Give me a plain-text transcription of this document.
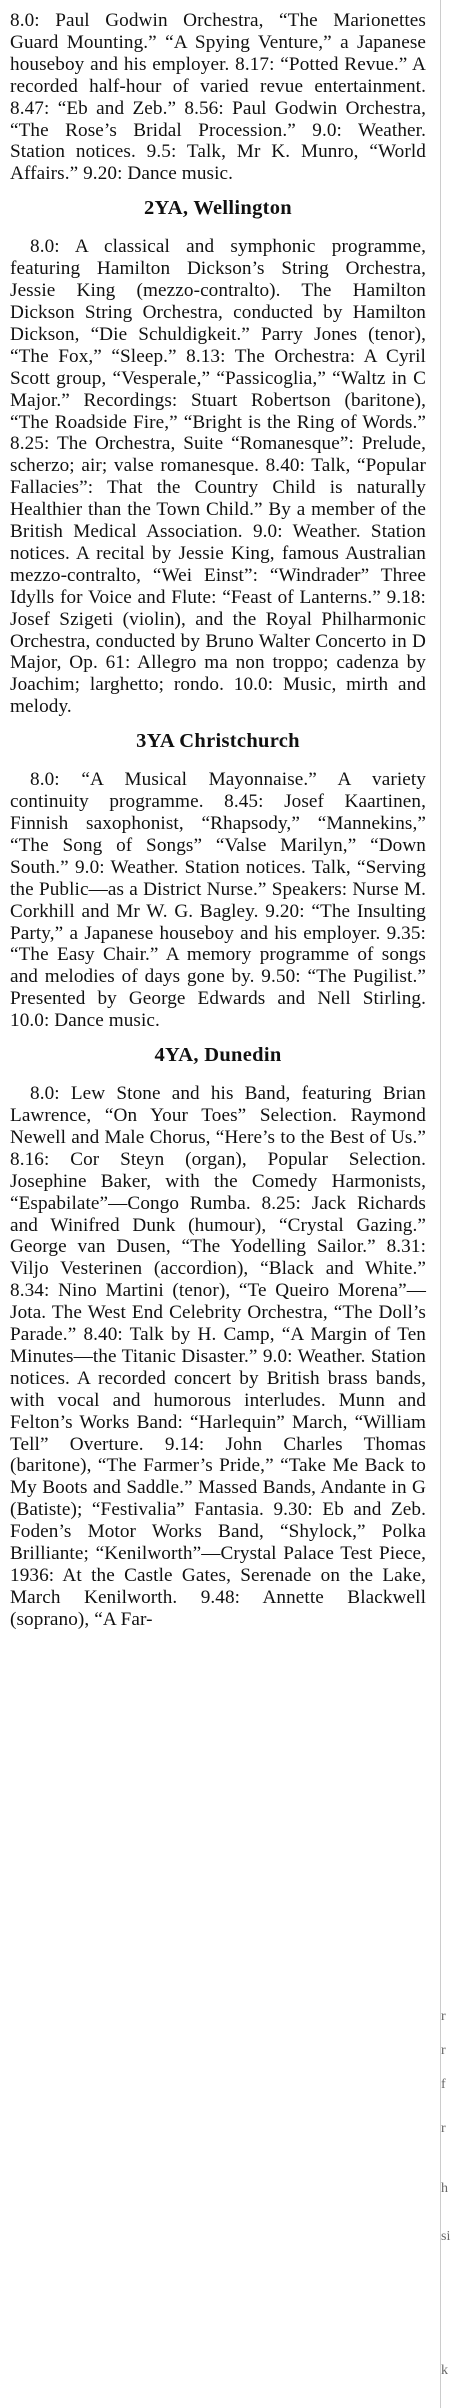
8.0: Paul Godwin Orchestra, “The Marionettes Guard Mounting.” “A Spying Venture,” a Japanese houseboy and his employer. 8.17: “Potted Revue.” A recorded half-hour of varied revue entertainment. 8.47: “Eb and Zeb.” 8.56: Paul Godwin Orchestra, “The Rose’s Bridal Procession.” 9.0: Weather. Station notices. 9.5: Talk, Mr K. Munro, “World Affairs.” 9.20: Dance music.

2YA, Wellington

8.0: A classical and symphonic programme, featuring Hamilton Dickson’s String Orchestra, Jessie King (mezzo-contralto). The Hamilton Dickson String Orchestra, conducted by Hamilton Dickson, “Die Schuldigkeit.” Parry Jones (tenor), “The Fox,” “Sleep.” 8.13: The Orchestra: A Cyril Scott group, “Vesperale,” “Passicoglia,” “Waltz in C Major.” Recordings: Stuart Robertson (baritone), “The Roadside Fire,” “Bright is the Ring of Words.” 8.25: The Orchestra, Suite “Romanesque”: Prelude, scherzo; air; valse romanesque. 8.40: Talk, “Popular Fallacies”: That the Country Child is naturally Healthier than the Town Child.” By a member of the British Medical Association. 9.0: Weather. Station notices. A recital by Jessie King, famous Australian mezzo-contralto, “Wei Einst”: “Windrader” Three Idylls for Voice and Flute: “Feast of Lanterns.” 9.18: Josef Szigeti (violin), and the Royal Philharmonic Orchestra, conducted by Bruno Walter Concerto in D Major, Op. 61: Allegro ma non troppo; cadenza by Joachim; larghetto; rondo. 10.0: Music, mirth and melody.

3YA Christchurch

8.0: “A Musical Mayonnaise.” A variety continuity programme. 8.45: Josef Kaartinen, Finnish saxophonist, “Rhapsody,” “Mannekins,” “The Song of Songs” “Valse Marilyn,” “Down South.” 9.0: Weather. Station notices. Talk, “Serving the Public—as a District Nurse.” Speakers: Nurse M. Corkhill and Mr W. G. Bagley. 9.20: “The Insulting Party,” a Japanese houseboy and his employer. 9.35: “The Easy Chair.” A memory programme of songs and melodies of days gone by. 9.50: “The Pugilist.” Presented by George Edwards and Nell Stirling. 10.0: Dance music.

4YA, Dunedin

8.0: Lew Stone and his Band, featuring Brian Lawrence, “On Your Toes” Selection. Raymond Newell and Male Chorus, “Here’s to the Best of Us.” 8.16: Cor Steyn (organ), Popular Selection. Josephine Baker, with the Comedy Harmonists, “Espabilate”—Congo Rumba. 8.25: Jack Richards and Winifred Dunk (humour), “Crystal Gazing.” George van Dusen, “The Yodelling Sailor.” 8.31: Viljo Vesterinen (accordion), “Black and White.” 8.34: Nino Martini (tenor), “Te Queiro Morena”—Jota. The West End Celebrity Orchestra, “The Doll’s Parade.” 8.40: Talk by H. Camp, “A Margin of Ten Minutes—the Titanic Disaster.” 9.0: Weather. Station notices. A recorded concert by British brass bands, with vocal and humorous interludes. Munn and Felton’s Works Band: “Harlequin” March, “William Tell” Overture. 9.14: John Charles Thomas (baritone), “The Farmer’s Pride,” “Take Me Back to My Boots and Saddle.” Massed Bands, Andante in G (Batiste); “Festivalia” Fantasia. 9.30: Eb and Zeb. Foden’s Motor Works Band, “Shylock,” Polka Brilliante; “Kenilworth”—Crystal Palace Test Piece, 1936: At the Castle Gates, Serenade on the Lake, March Kenilworth. 9.48: Annette Blackwell (soprano), “A Far-

r
r
f
r
h
si
k
